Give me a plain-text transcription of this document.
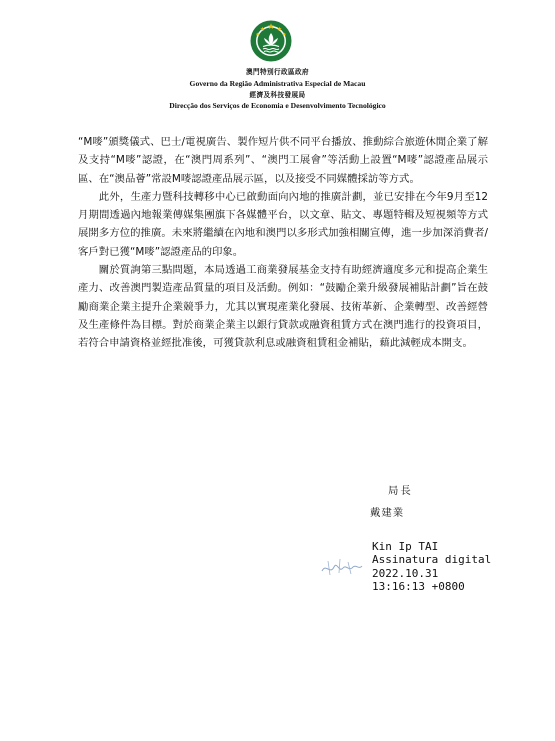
澳門特別行政區政府
Governo da Região Administrativa Especial de Macau
經濟及科技發展局
Direcção dos Serviços de Economia e Desenvolvimento Tecnológico

“M嘜”頒獎儀式、巴士/電視廣告、製作短片供不同平台播放、推動綜合旅遊休閒企業了解及支持“M嘜”認證，在“澳門周系列”、“澳門工展會”等活動上設置“M嘜”認證產品展示區、在“澳品薈”常設M嘜認證產品展示區，以及接受不同媒體採訪等方式。

此外，生產力暨科技轉移中心已啟動面向內地的推廣計劃，並已安排在今年9月至12月期間透過內地報業傳媒集團旗下各媒體平台，以文章、貼文、專題特輯及短視頻等方式展開多方位的推廣。未來將繼續在內地和澳門以多形式加強相關宣傳，進一步加深消費者/客戶對已獲“M嘜”認證產品的印象。

關於質詢第三點問題，本局透過工商業發展基金支持有助經濟適度多元和提高企業生產力、改善澳門製造產品質量的項目及活動。例如：“鼓勵企業升級發展補貼計劃”旨在鼓勵商業企業主提升企業競爭力，尤其以實現產業化發展、技術革新、企業轉型、改善經營及生產條件為目標。對於商業企業主以銀行貸款或融資租賃方式在澳門進行的投資項目，若符合申請資格並經批准後，可獲貸款利息或融資租賃租金補貼，藉此減輕成本開支。

局長
戴建業
Kin Ip TAI
Assinatura digital
2022.10.31
13:16:13 +0800
